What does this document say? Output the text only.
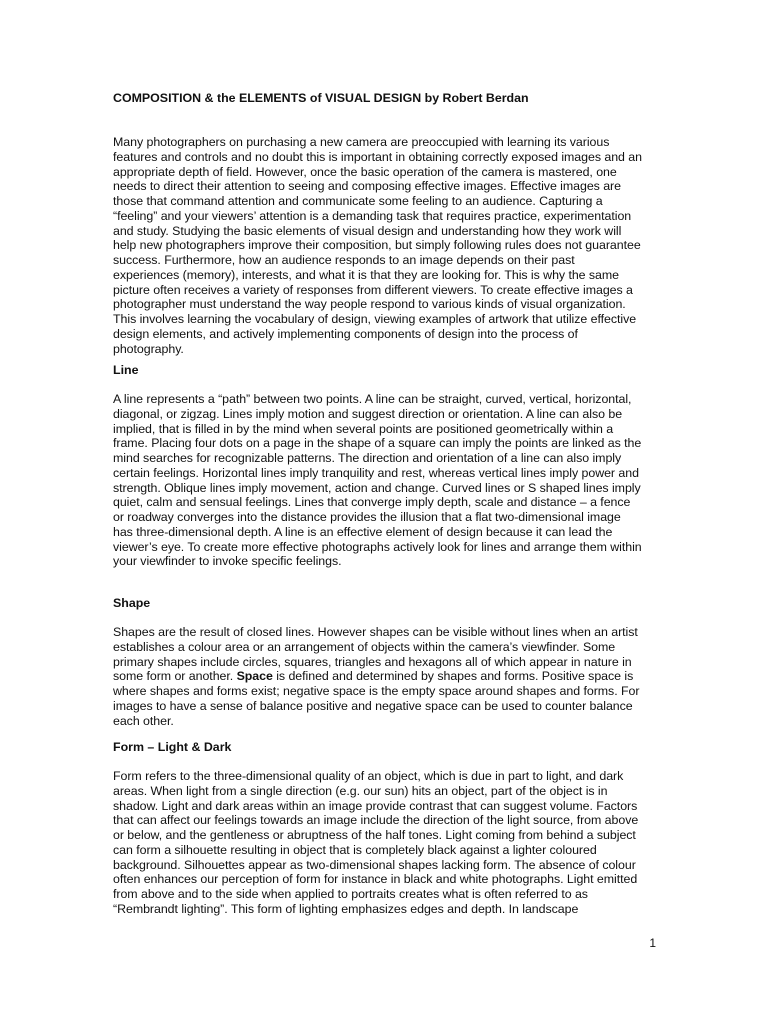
COMPOSITION & the ELEMENTS of VISUAL DESIGN by Robert Berdan

Many photographers on purchasing a new camera are preoccupied with learning its various
features and controls and no doubt this is important in obtaining correctly exposed images and an
appropriate depth of field. However, once the basic operation of the camera is mastered, one
needs to direct their attention to seeing and composing effective images. Effective images are
those that command attention and communicate some feeling to an audience. Capturing a
“feeling” and your viewers’ attention is a demanding task that requires practice, experimentation
and study. Studying the basic elements of visual design and understanding how they work will
help new photographers improve their composition, but simply following rules does not guarantee
success. Furthermore, how an audience responds to an image depends on their past
experiences (memory), interests, and what it is that they are looking for. This is why the same
picture often receives a variety of responses from different viewers. To create effective images a
photographer must understand the way people respond to various kinds of visual organization.
This involves learning the vocabulary of design, viewing examples of artwork that utilize effective
design elements, and actively implementing components of design into the process of
photography.

Line

A line represents a “path” between two points. A line can be straight, curved, vertical, horizontal,
diagonal, or zigzag. Lines imply motion and suggest direction or orientation. A line can also be
implied, that is filled in by the mind when several points are positioned geometrically within a
frame. Placing four dots on a page in the shape of a square can imply the points are linked as the
mind searches for recognizable patterns. The direction and orientation of a line can also imply
certain feelings. Horizontal lines imply tranquility and rest, whereas vertical lines imply power and
strength. Oblique lines imply movement, action and change. Curved lines or S shaped lines imply
quiet, calm and sensual feelings. Lines that converge imply depth, scale and distance – a fence
or roadway converges into the distance provides the illusion that a flat two-dimensional image
has three-dimensional depth. A line is an effective element of design because it can lead the
viewer’s eye. To create more effective photographs actively look for lines and arrange them within
your viewfinder to invoke specific feelings.

Shape

Shapes are the result of closed lines. However shapes can be visible without lines when an artist
establishes a colour area or an arrangement of objects within the camera’s viewfinder. Some
primary shapes include circles, squares, triangles and hexagons all of which appear in nature in
some form or another. Space is defined and determined by shapes and forms. Positive space is
where shapes and forms exist; negative space is the empty space around shapes and forms. For
images to have a sense of balance positive and negative space can be used to counter balance
each other.

Form – Light & Dark

Form refers to the three-dimensional quality of an object, which is due in part to light, and dark
areas. When light from a single direction (e.g. our sun) hits an object, part of the object is in
shadow. Light and dark areas within an image provide contrast that can suggest volume. Factors
that can affect our feelings towards an image include the direction of the light source, from above
or below, and the gentleness or abruptness of the half tones. Light coming from behind a subject
can form a silhouette resulting in object that is completely black against a lighter coloured
background. Silhouettes appear as two-dimensional shapes lacking form. The absence of colour
often enhances our perception of form for instance in black and white photographs. Light emitted
from above and to the side when applied to portraits creates what is often referred to as
“Rembrandt lighting”. This form of lighting emphasizes edges and depth. In landscape

1
